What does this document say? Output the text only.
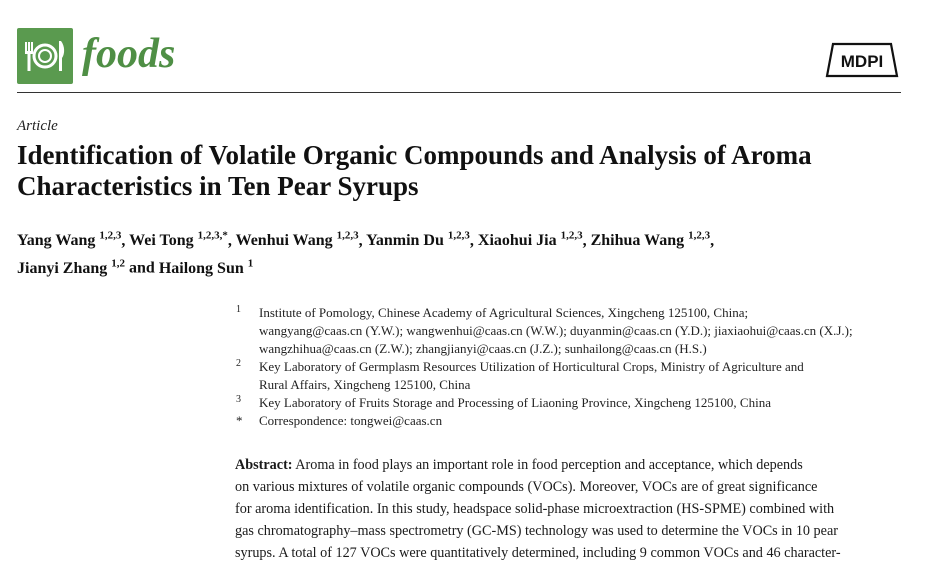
foods	MDPI
Article
Identification of Volatile Organic Compounds and Analysis of Aroma Characteristics in Ten Pear Syrups
Yang Wang $^{1,2,3}$, Wei Tong $^{1,2,3,*}$, Wenhui Wang $^{1,2,3}$, Yanmin Du $^{1,2,3}$, Xiaohui Jia $^{1,2,3}$, Zhihua Wang $^{1,2,3}$,
Jianyi Zhang $^{1,2}$ and Hailong Sun $^1$
1 Institute of Pomology, Chinese Academy of Agricultural Sciences, Xingcheng 125100, China;
wangyang@caas.cn (Y.W.); wangwenhui@caas.cn (W.W.); duyanmin@caas.cn (Y.D.); jiaxiaohui@caas.cn (X.J.);
wangzhihua@caas.cn (Z.W.); zhangjianyi@caas.cn (J.Z.); sunhailong@caas.cn (H.S.)
2 Key Laboratory of Germplasm Resources Utilization of Horticultural Crops, Ministry of Agriculture and
Rural Affairs, Xingcheng 125100, China
3 Key Laboratory of Fruits Storage and Processing of Liaoning Province, Xingcheng 125100, China
* Correspondence: tongwei@caas.cn
Abstract: Aroma in food plays an important role in food perception and acceptance, which depends
on various mixtures of volatile organic compounds (VOCs). Moreover, VOCs are of great significance
for aroma identification. In this study, headspace solid-phase microextraction (HS-SPME) combined with
gas chromatography–mass spectrometry (GC-MS) technology was used to determine the VOCs in 10 pear
syrups. A total of 127 VOCs were quantitatively determined, including 9 common VOCs and 46 character-
